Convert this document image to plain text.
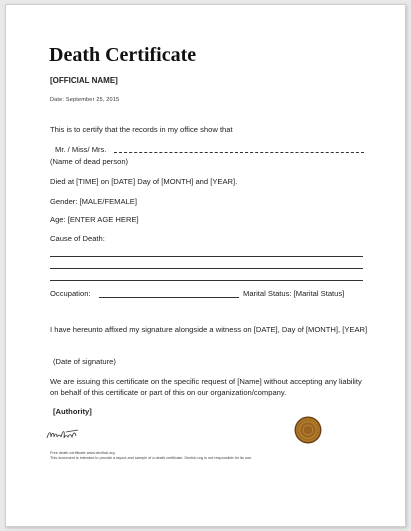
Death Certificate
[OFFICIAL NAME]
Date: September 25, 2015
This is to certify that the records in my office show that
Mr. / Miss/ Mrs.
(Name of dead person)
Died at [TIME] on [DATE] Day of [MONTH] and [YEAR].
Gender: [MALE/FEMALE]
Age: [ENTER AGE HERE]
Cause of Death:
Occupation:	Marital Status: [Marital Status]
I have hereunto affixed my signature alongside a witness on [DATE], Day of [MONTH], [YEAR]
(Date of signature)
We are issuing this certificate on the specific request of [Name] without accepting any liability on behalf of this certificate or part of this on our organization/company.
[Authority]
Free death certificate www.dexfiub.org
This document is intended to provide a layout and sample of a death certificate. Dexfub.org is not responsible for its use.
